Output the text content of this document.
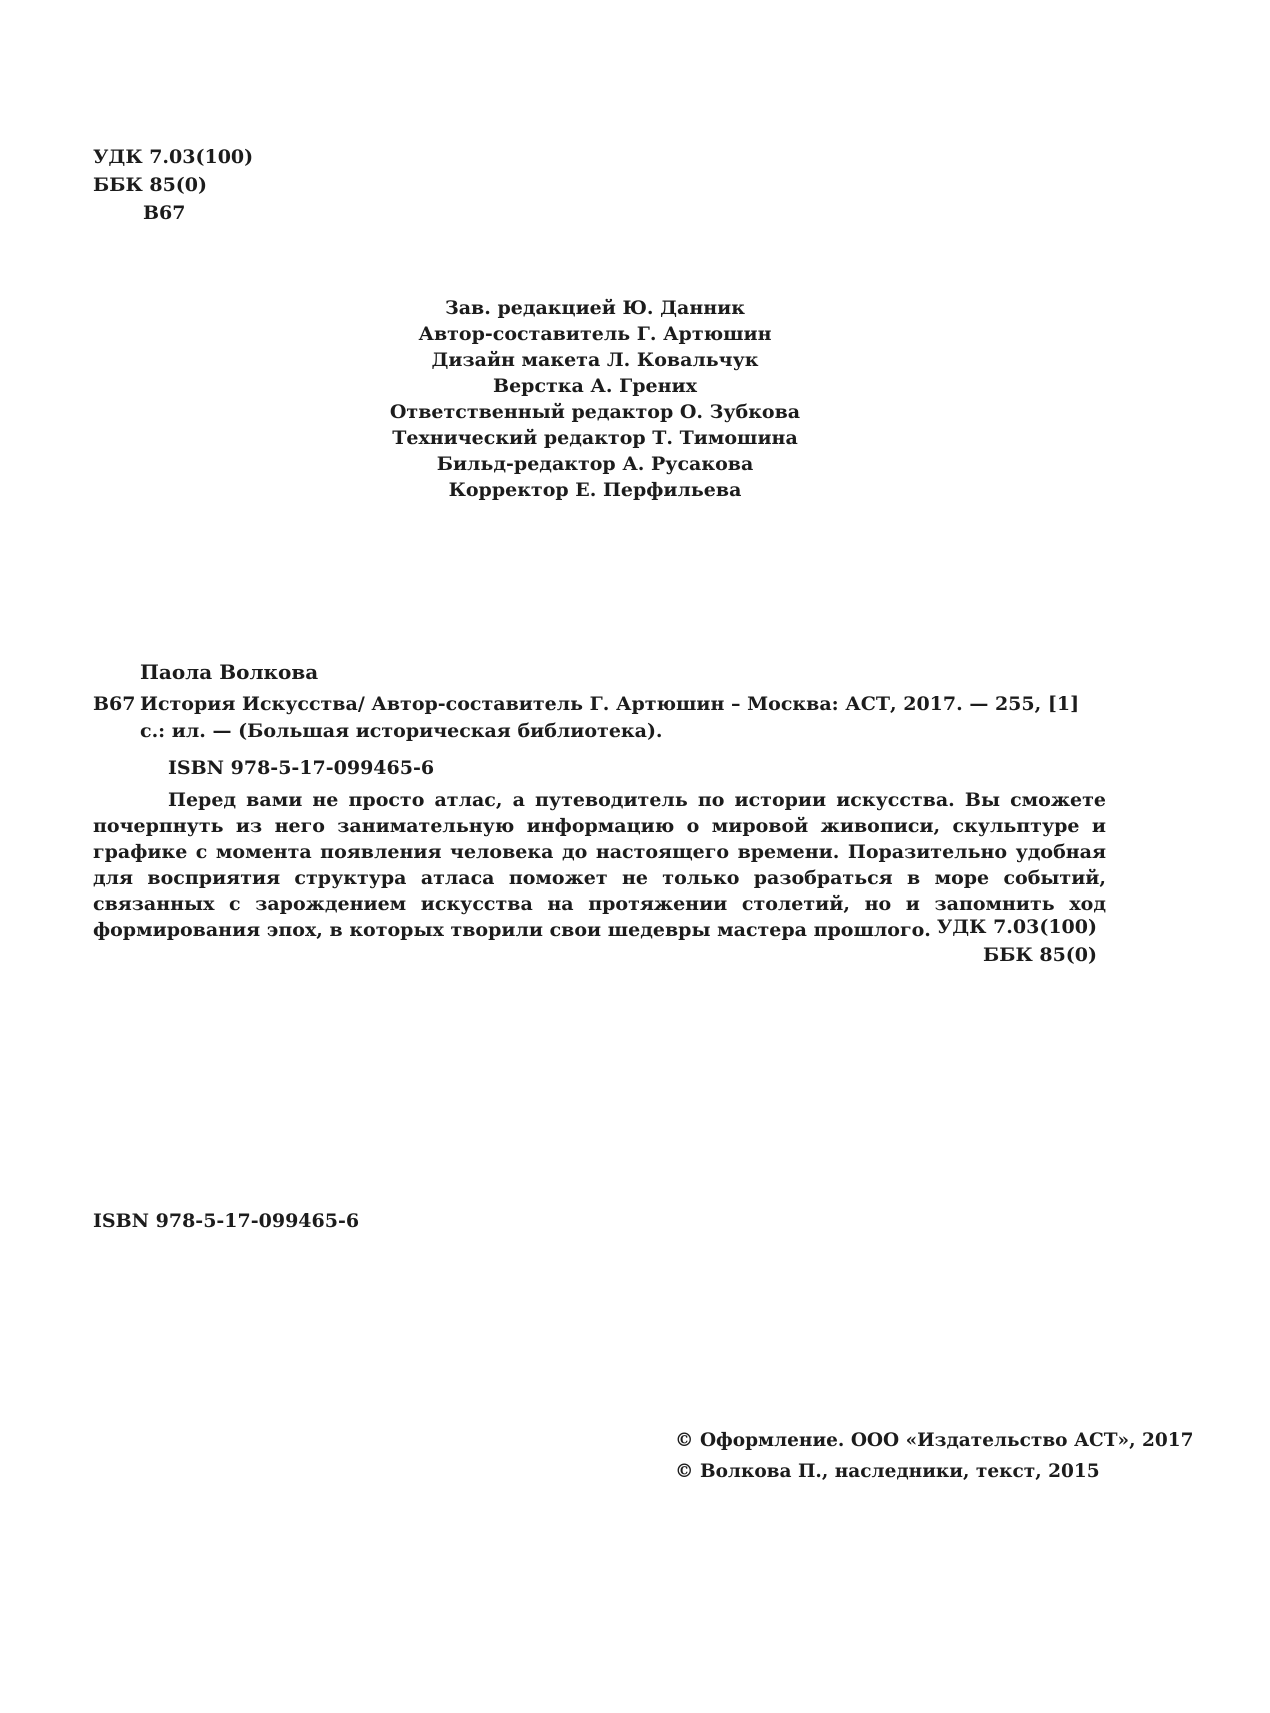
УДК 7.03(100)
ББК 85(0)
В67
Зав. редакцией Ю. Данник
Автор-составитель Г. Артюшин
Дизайн макета Л. Ковальчук
Верстка А. Грених
Ответственный редактор О. Зубкова
Технический редактор Т. Тимошина
Бильд-редактор А. Русакова
Корректор Е. Перфильева
Паола Волкова
В67 История Искусства/ Автор-составитель Г. Артюшин – Москва: АСТ, 2017. — 255, [1] с.: ил. — (Большая историческая библиотека).
ISBN 978-5-17-099465-6
Перед вами не просто атлас, а путеводитель по истории искусства. Вы сможете почерпнуть из него занимательную информацию о мировой живописи, скульптуре и графике с момента появления человека до настоящего времени. Поразительно удобная для восприятия структура атласа поможет не только разобраться в море событий, связанных с зарождением искусства на протяжении столетий, но и запомнить ход формирования эпох, в которых творили свои шедевры мастера прошлого. УДК 7.03(100)
ББК 85(0)
ISBN 978-5-17-099465-6
© Оформление. ООО «Издательство АСТ», 2017
© Волкова П., наследники, текст, 2015
